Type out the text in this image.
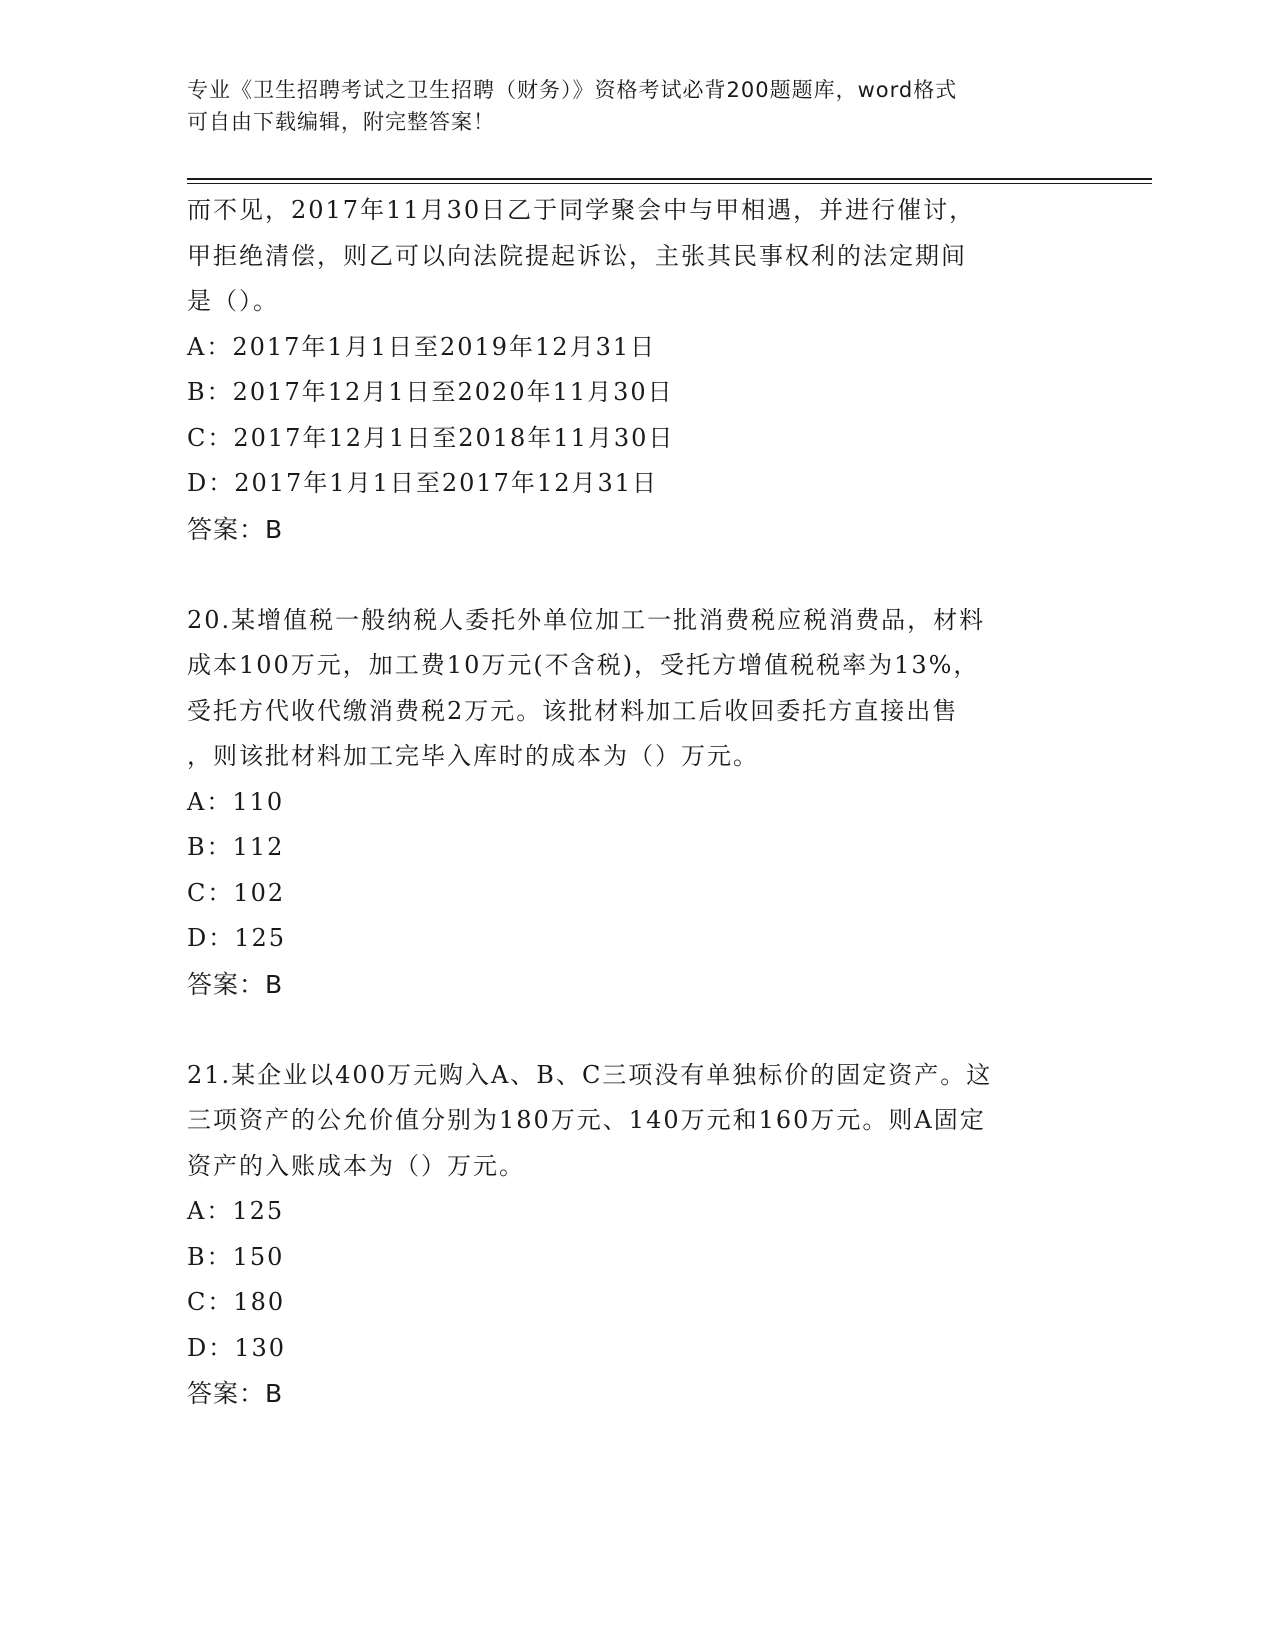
专业《卫生招聘考试之卫生招聘（财务）》资格考试必背200题题库，word格式
可自由下载编辑，附完整答案！
而不见，2017年11月30日乙于同学聚会中与甲相遇，并进行催讨，
甲拒绝清偿，则乙可以向法院提起诉讼，主张其民事权利的法定期间
是（）。
A：2017年1月1日至2019年12月31日
B：2017年12月1日至2020年11月30日
C：2017年12月1日至2018年11月30日
D：2017年1月1日至2017年12月31日
答案：B
20.某增值税一般纳税人委托外单位加工一批消费税应税消费品，材料
成本100万元，加工费10万元(不含税)，受托方增值税税率为13%，
受托方代收代缴消费税2万元。该批材料加工后收回委托方直接出售
，则该批材料加工完毕入库时的成本为（）万元。
A：110
B：112
C：102
D：125
答案：B
21.某企业以400万元购入A、B、C三项没有单独标价的固定资产。这
三项资产的公允价值分别为180万元、140万元和160万元。则A固定
资产的入账成本为（）万元。
A：125
B：150
C：180
D：130
答案：B
